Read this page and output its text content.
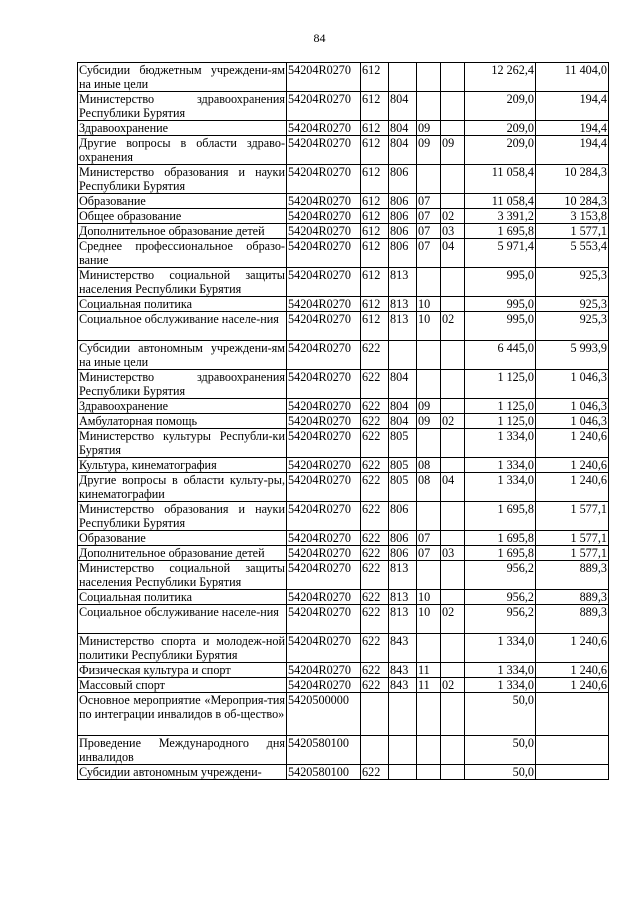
84
Субсидии бюджетным учреждени-ям на иные цели	54204R0270	612				12 262,4	11 404,0
Министерство здравоохранения Республики Бурятия	54204R0270	612	804			209,0	194,4
Здравоохранение	54204R0270	612	804	09		209,0	194,4
Другие вопросы в области здраво-охранения	54204R0270	612	804	09	09	209,0	194,4
Министерство образования и науки Республики Бурятия	54204R0270	612	806			11 058,4	10 284,3
Образование	54204R0270	612	806	07		11 058,4	10 284,3
Общее образование	54204R0270	612	806	07	02	3 391,2	3 153,8
Дополнительное образование детей	54204R0270	612	806	07	03	1 695,8	1 577,1
Среднее профессиональное образо-вание	54204R0270	612	806	07	04	5 971,4	5 553,4
Министерство социальной защиты населения Республики Бурятия	54204R0270	612	813			995,0	925,3
Социальная политика	54204R0270	612	813	10		995,0	925,3
Социальное обслуживание населе-ния	54204R0270	612	813	10	02	995,0	925,3
Субсидии автономным учреждени-ям на иные цели	54204R0270	622				6 445,0	5 993,9
Министерство здравоохранения Республики Бурятия	54204R0270	622	804			1 125,0	1 046,3
Здравоохранение	54204R0270	622	804	09		1 125,0	1 046,3
Амбулаторная помощь	54204R0270	622	804	09	02	1 125,0	1 046,3
Министерство культуры Республи-ки Бурятия	54204R0270	622	805			1 334,0	1 240,6
Культура, кинематография	54204R0270	622	805	08		1 334,0	1 240,6
Другие вопросы в области культу-ры, кинематографии	54204R0270	622	805	08	04	1 334,0	1 240,6
Министерство образования и науки Республики Бурятия	54204R0270	622	806			1 695,8	1 577,1
Образование	54204R0270	622	806	07		1 695,8	1 577,1
Дополнительное образование детей	54204R0270	622	806	07	03	1 695,8	1 577,1
Министерство социальной защиты населения Республики Бурятия	54204R0270	622	813			956,2	889,3
Социальная политика	54204R0270	622	813	10		956,2	889,3
Социальное обслуживание населе-ния	54204R0270	622	813	10	02	956,2	889,3
Министерство спорта и молодеж-ной политики Республики Бурятия	54204R0270	622	843			1 334,0	1 240,6
Физическая культура и спорт	54204R0270	622	843	11		1 334,0	1 240,6
Массовый спорт	54204R0270	622	843	11	02	1 334,0	1 240,6
Основное мероприятие «Мероприя-тия по интеграции инвалидов в об-щество»	5420500000					50,0	
Проведение Международного дня инвалидов	5420580100					50,0	
Субсидии автономным учреждени-	5420580100	622				50,0	
